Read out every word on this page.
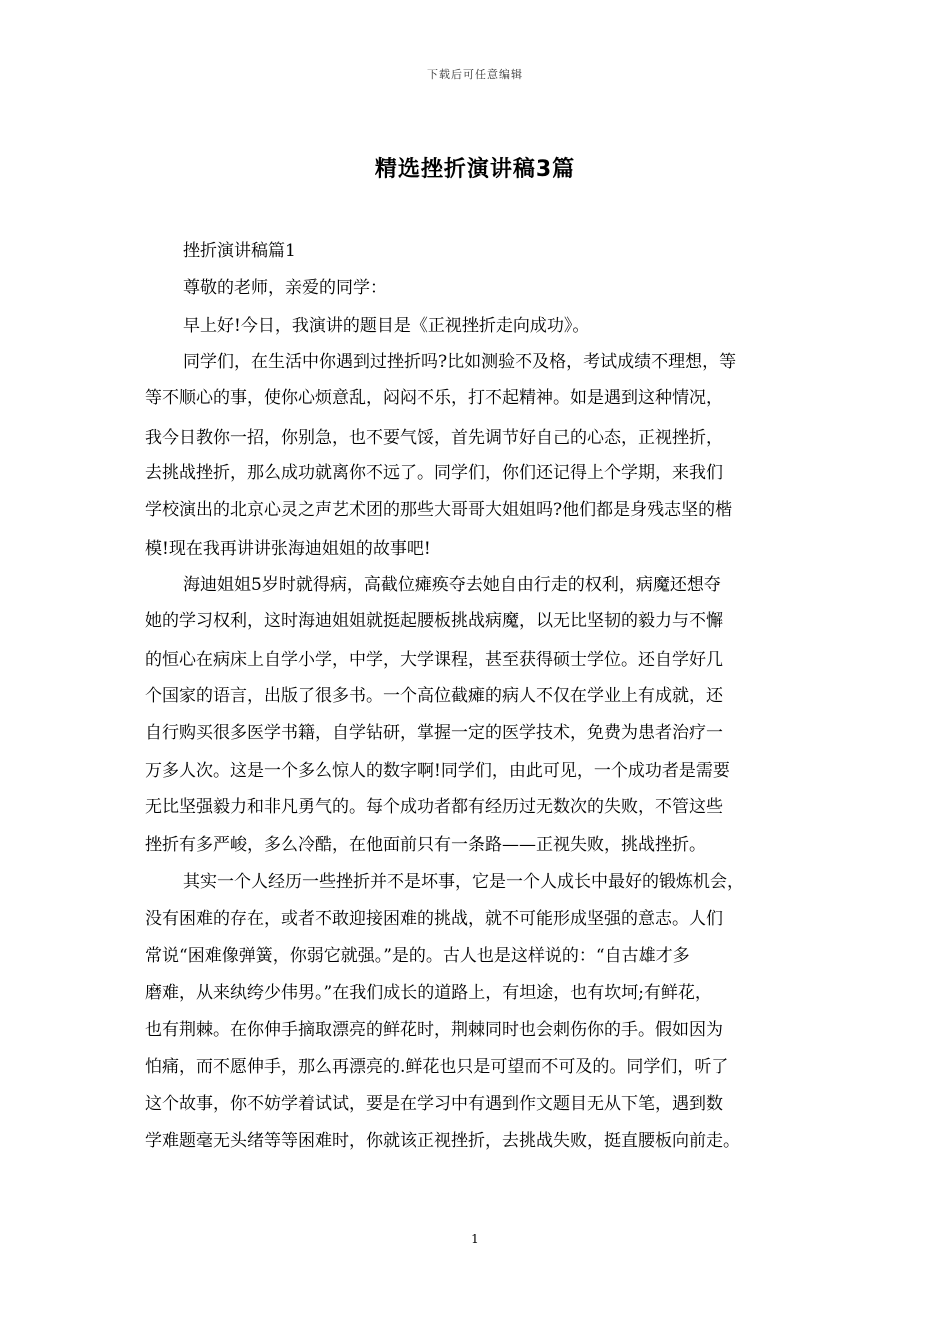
下载后可任意编辑
精选挫折演讲稿3篇
挫折演讲稿篇1
尊敬的老师，亲爱的同学：
早上好!今日，我演讲的题目是《正视挫折走向成功》。
同学们，在生活中你遇到过挫折吗?比如测验不及格，考试成绩不理想，等
等不顺心的事，使你心烦意乱，闷闷不乐，打不起精神。如是遇到这种情况，
我今日教你一招，你别急，也不要气馁，首先调节好自己的心态，正视挫折，
去挑战挫折，那么成功就离你不远了。同学们，你们还记得上个学期，来我们
学校演出的北京心灵之声艺术团的那些大哥哥大姐姐吗?他们都是身残志坚的楷
模!现在我再讲讲张海迪姐姐的故事吧!
海迪姐姐5岁时就得病，高截位瘫痪夺去她自由行走的权利，病魔还想夺
她的学习权利，这时海迪姐姐就挺起腰板挑战病魔，以无比坚韧的毅力与不懈
的恒心在病床上自学小学，中学，大学课程，甚至获得硕士学位。还自学好几
个国家的语言，出版了很多书。一个高位截瘫的病人不仅在学业上有成就，还
自行购买很多医学书籍，自学钻研，掌握一定的医学技术，免费为患者治疗一
万多人次。这是一个多么惊人的数字啊!同学们，由此可见，一个成功者是需要
无比坚强毅力和非凡勇气的。每个成功者都有经历过无数次的失败，不管这些
挫折有多严峻，多么冷酷，在他面前只有一条路——正视失败，挑战挫折。
其实一个人经历一些挫折并不是坏事，它是一个人成长中最好的锻炼机会，
没有困难的存在，或者不敢迎接困难的挑战，就不可能形成坚强的意志。人们
常说“困难像弹簧，你弱它就强。”是的。古人也是这样说的：“自古雄才多
磨难，从来纨绔少伟男。”在我们成长的道路上，有坦途，也有坎坷;有鲜花，
也有荆棘。在你伸手摘取漂亮的鲜花时，荆棘同时也会刺伤你的手。假如因为
怕痛，而不愿伸手，那么再漂亮的.鲜花也只是可望而不可及的。同学们，听了
这个故事，你不妨学着试试，要是在学习中有遇到作文题目无从下笔，遇到数
学难题毫无头绪等等困难时，你就该正视挫折，去挑战失败，挺直腰板向前走。
1
